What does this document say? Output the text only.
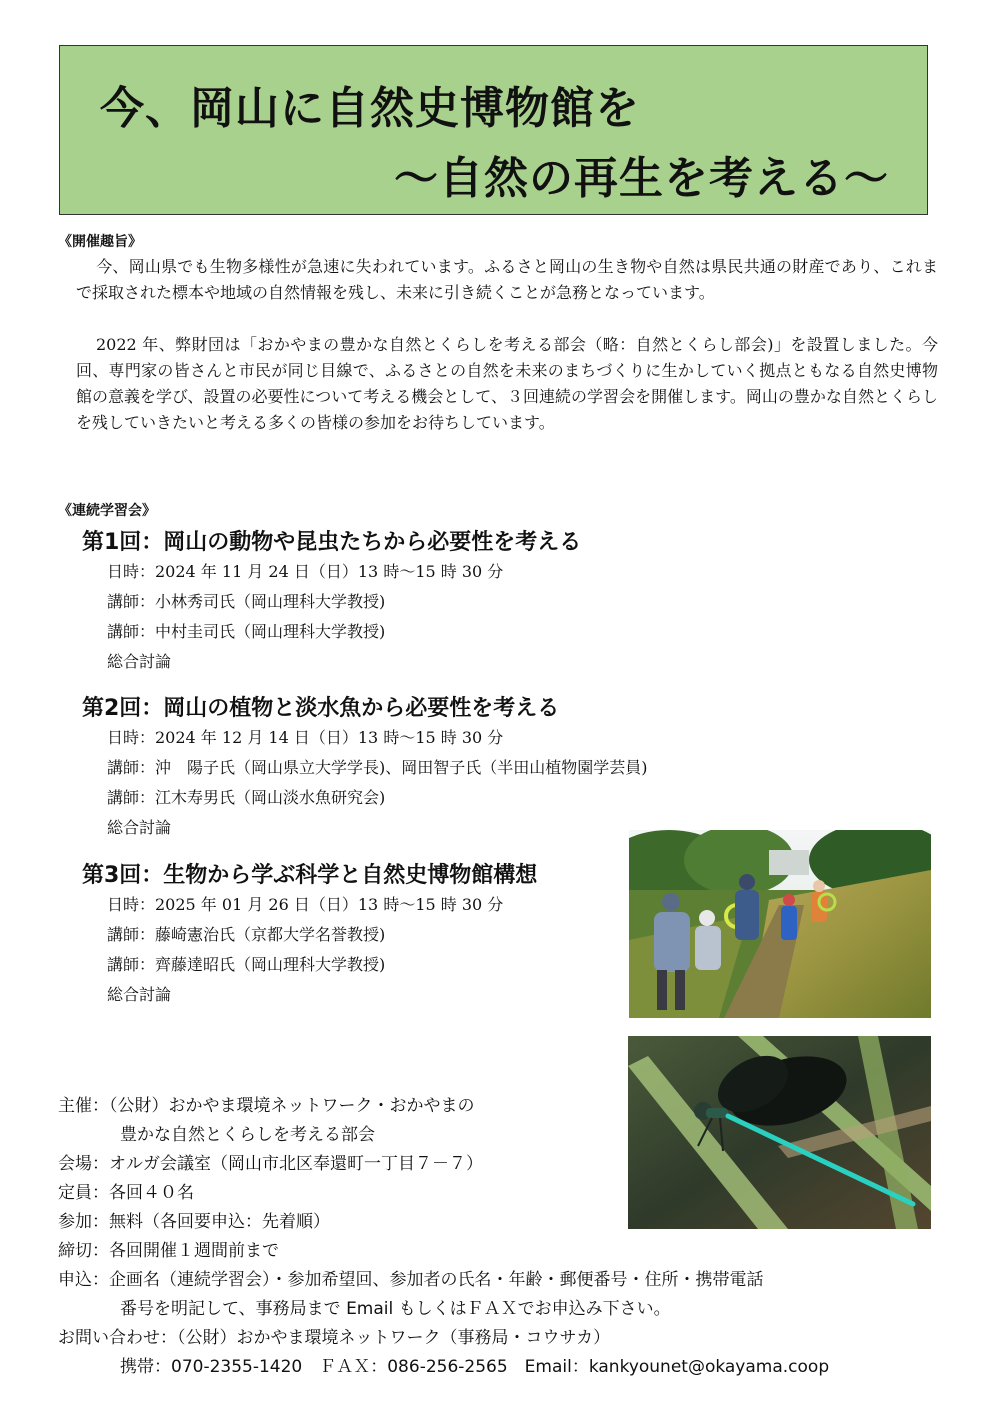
今、岡山に自然史博物館を
～自然の再生を考える～
《開催趣旨》

今、岡山県でも生物多様性が急速に失われています。ふるさと岡山の生き物や自然は県民共通の財産であり、これまで採取された標本や地域の自然情報を残し、未来に引き続くことが急務となっています。

2022 年、弊財団は「おかやまの豊かな自然とくらしを考える部会（略：自然とくらし部会)」を設置しました。今回、専門家の皆さんと市民が同じ目線で、ふるさとの自然を未来のまちづくりに生かしていく拠点ともなる自然史博物館の意義を学び、設置の必要性について考える機会として、３回連続の学習会を開催します。岡山の豊かな自然とくらしを残していきたいと考える多くの皆様の参加をお待ちしています。

《連続学習会》
第1回：岡山の動物や昆虫たちから必要性を考える
日時：2024 年 11 月 24 日（日）13 時～15 時 30 分
講師：小林秀司氏（岡山理科大学教授)
講師：中村圭司氏（岡山理科大学教授)
総合討論
第2回：岡山の植物と淡水魚から必要性を考える
日時：2024 年 12 月 14 日（日）13 時～15 時 30 分
講師：沖　陽子氏（岡山県立大学学長)、岡田智子氏（半田山植物園学芸員)
講師：江木寿男氏（岡山淡水魚研究会)
総合討論
第3回：生物から学ぶ科学と自然史博物館構想
日時：2025 年 01 月 26 日（日）13 時～15 時 30 分
講師：藤崎憲治氏（京都大学名誉教授)
講師：齊藤達昭氏（岡山理科大学教授)
総合討論
主催：（公財）おかやま環境ネットワーク・おかやまの
豊かな自然とくらしを考える部会
会場：オルガ会議室（岡山市北区奉還町一丁目７－７）
定員：各回４０名
参加：無料（各回要申込：先着順）
締切：各回開催１週間前まで
申込：企画名（連続学習会）・参加希望回、参加者の氏名・年齢・郵便番号・住所・携帯電話
番号を明記して、事務局まで Email もしくはＦＡＸでお申込み下さい。
お問い合わせ：（公財）おかやま環境ネットワーク（事務局・コウサカ）
携帯：070-2355-1420　ＦＡＸ：086-256-2565　Email：kankyounet@okayama.coop
